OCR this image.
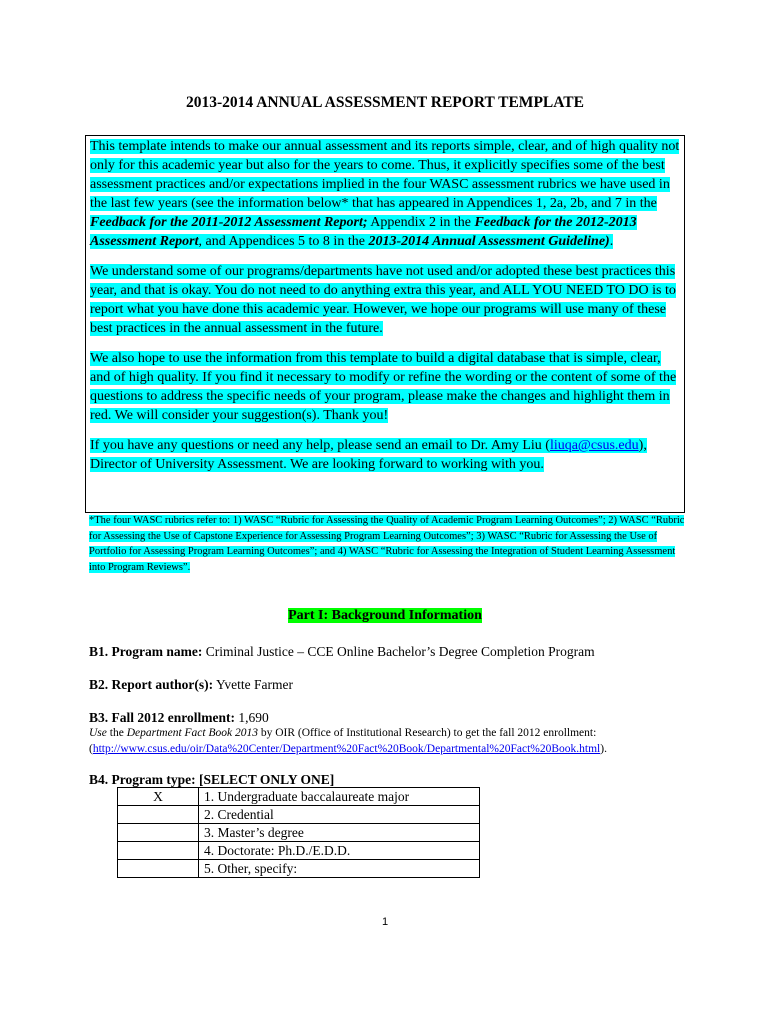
2013-2014 ANNUAL ASSESSMENT REPORT TEMPLATE

This template intends to make our annual assessment and its reports simple, clear, and of high quality not only for this academic year but also for the years to come. Thus, it explicitly specifies some of the best assessment practices and/or expectations implied in the four WASC assessment rubrics we have used in the last few years (see the information below* that has appeared in Appendices 1, 2a, 2b, and 7 in the Feedback for the 2011-2012 Assessment Report; Appendix 2 in the Feedback for the 2012-2013 Assessment Report, and Appendices 5 to 8 in the 2013-2014 Annual Assessment Guideline).

We understand some of our programs/departments have not used and/or adopted these best practices this year, and that is okay. You do not need to do anything extra this year, and ALL YOU NEED TO DO is to report what you have done this academic year. However, we hope our programs will use many of these best practices in the annual assessment in the future.

We also hope to use the information from this template to build a digital database that is simple, clear, and of high quality. If you find it necessary to modify or refine the wording or the content of some of the questions to address the specific needs of your program, please make the changes and highlight them in red. We will consider your suggestion(s). Thank you!

If you have any questions or need any help, please send an email to Dr. Amy Liu (liuqa@csus.edu), Director of University Assessment. We are looking forward to working with you.

*The four WASC rubrics refer to: 1) WASC “Rubric for Assessing the Quality of Academic Program Learning Outcomes”; 2) WASC “Rubric for Assessing the Use of Capstone Experience for Assessing Program Learning Outcomes”; 3) WASC “Rubric for Assessing the Use of Portfolio for Assessing Program Learning Outcomes”; and 4) WASC “Rubric for Assessing the Integration of Student Learning Assessment into Program Reviews”.
Part I: Background Information
B1. Program name: Criminal Justice – CCE Online Bachelor’s Degree Completion Program
B2. Report author(s): Yvette Farmer
B3. Fall 2012 enrollment: 1,690
Use the Department Fact Book 2013 by OIR (Office of Institutional Research) to get the fall 2012 enrollment:
(http://www.csus.edu/oir/Data%20Center/Department%20Fact%20Book/Departmental%20Fact%20Book.html).
B4. Program type: [SELECT ONLY ONE]
X	1. Undergraduate baccalaureate major
	2. Credential
	3. Master’s degree
	4. Doctorate: Ph.D./E.D.D.
	5. Other, specify:
1
